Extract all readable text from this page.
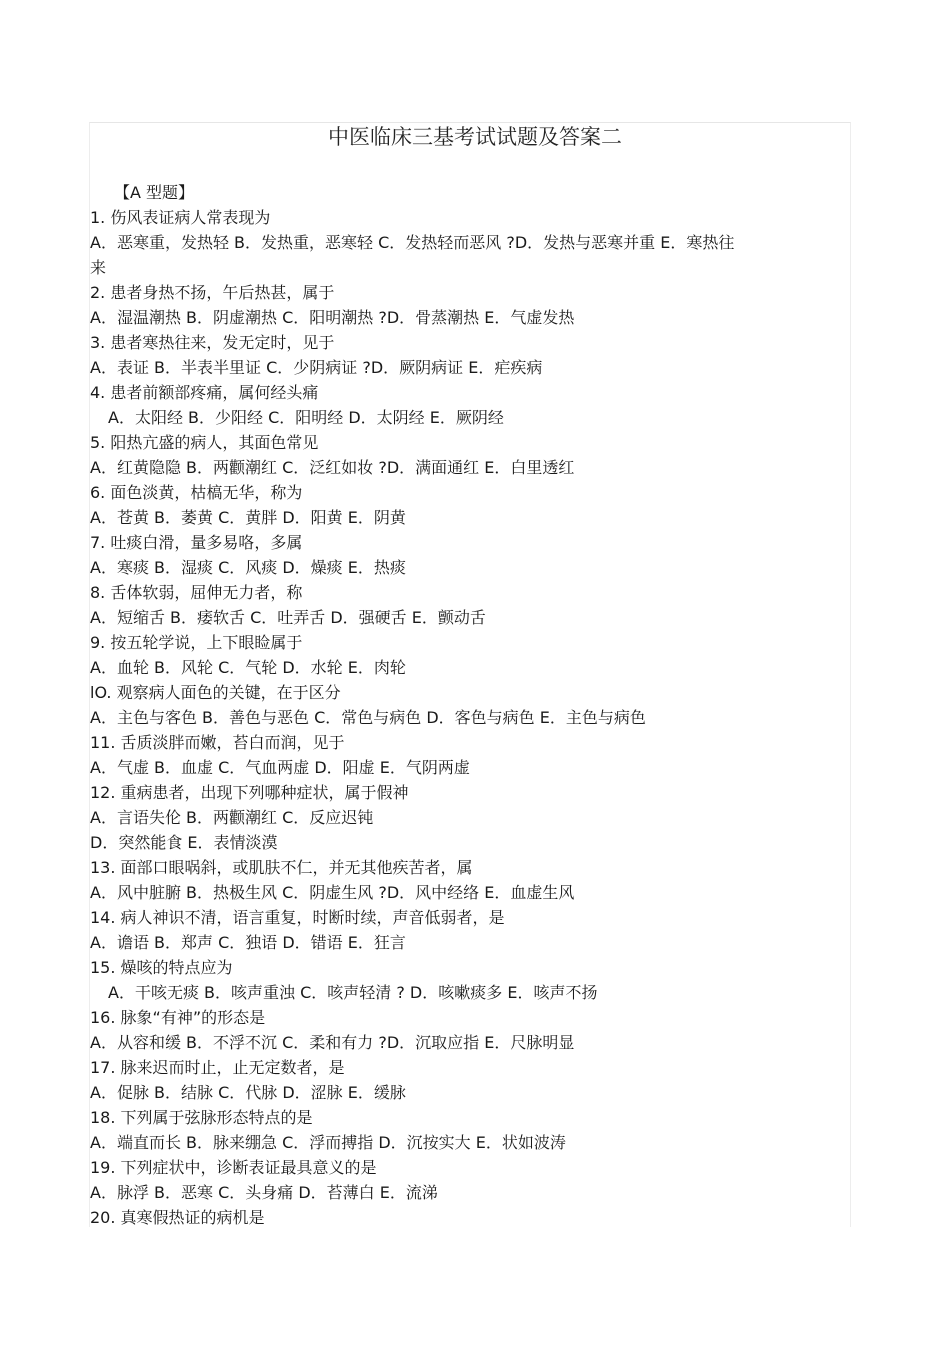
中医临床三基考试试题及答案二
【A 型题】
1. 伤风表证病人常表现为
A．恶寒重，发热轻 B．发热重，恶寒轻 C．发热轻而恶风 ?D．发热与恶寒并重 E．寒热往
来
2. 患者身热不扬，午后热甚，属于
A．湿温潮热 B．阴虚潮热 C．阳明潮热 ?D．骨蒸潮热 E．气虚发热
3. 患者寒热往来，发无定时，见于
A．表证 B．半表半里证 C．少阴病证 ?D．厥阴病证 E．疟疾病
4. 患者前额部疼痛，属何经头痛
A．太阳经 B．少阳经 C．阳明经 D．太阴经 E．厥阴经
5. 阳热亢盛的病人，其面色常见
A．红黄隐隐 B．两颧潮红 C．泛红如妆 ?D．满面通红 E．白里透红
6. 面色淡黄，枯槁无华，称为
A．苍黄 B．萎黄 C．黄胖 D．阳黄 E．阴黄
7. 吐痰白滑，量多易咯，多属
A．寒痰 B．湿痰 C．风痰 D．燥痰 E．热痰
8. 舌体软弱，屈伸无力者，称
A．短缩舌 B．痿软舌 C．吐弄舌 D．强硬舌 E．颤动舌
9. 按五轮学说，上下眼睑属于
A．血轮 B．风轮 C．气轮 D．水轮 E．肉轮
lO. 观察病人面色的关键，在于区分
A．主色与客色 B．善色与恶色 C．常色与病色 D．客色与病色 E．主色与病色
11. 舌质淡胖而嫩，苔白而润，见于
A．气虚 B．血虚 C．气血两虚 D．阳虚 E．气阴两虚
12. 重病患者，出现下列哪种症状，属于假神
A．言语失伦 B．两颧潮红 C．反应迟钝
D．突然能食 E．表情淡漠
13. 面部口眼㖞斜，或肌肤不仁，并无其他疾苦者，属
A．风中脏腑 B．热极生风 C．阴虚生风 ?D．风中经络 E．血虚生风
14. 病人神识不清，语言重复，时断时续，声音低弱者，是
A．谵语 B．郑声 C．独语 D．错语 E．狂言
15. 燥咳的特点应为
A．干咳无痰 B．咳声重浊 C．咳声轻清 ? D．咳嗽痰多 E．咳声不扬
16. 脉象“有神”的形态是
A．从容和缓 B．不浮不沉 C．柔和有力 ?D．沉取应指 E．尺脉明显
17. 脉来迟而时止，止无定数者，是
A．促脉 B．结脉 C．代脉 D．涩脉 E．缓脉
18. 下列属于弦脉形态特点的是
A．端直而长 B．脉来绷急 C．浮而搏指 D．沉按实大 E．状如波涛
19. 下列症状中，诊断表证最具意义的是
A．脉浮 B．恶寒 C．头身痛 D．苔薄白 E．流涕
20. 真寒假热证的病机是
